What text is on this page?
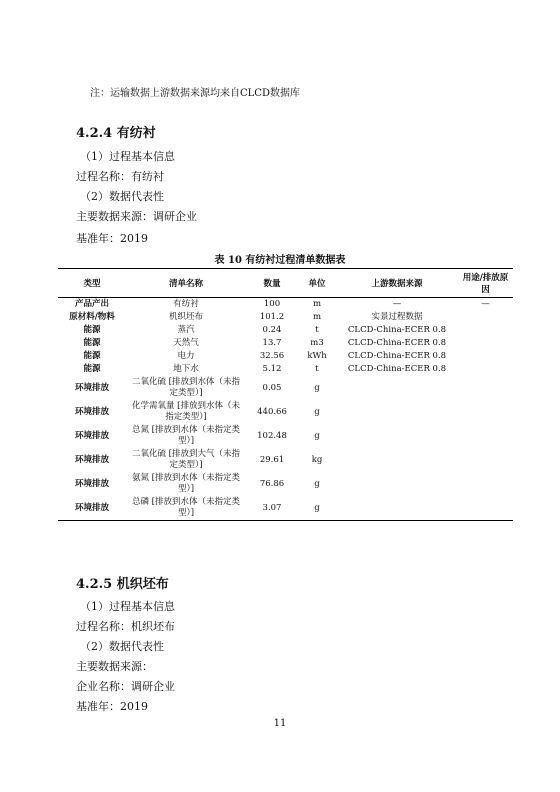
注：运输数据上游数据来源均来自CLCD数据库
4.2.4 有纺衬
（1）过程基本信息
过程名称：有纺衬
（2）数据代表性
主要数据来源：调研企业
基准年：2019
表 10 有纺衬过程清单数据表
类型	清单名称	数量	单位	上游数据来源	用途/排放原因
产品产出	有纺衬	100	m	—	—
原材料/物料	机织坯布	101.2	m	实景过程数据	
能源	蒸汽	0.24	t	CLCD-China-ECER 0.8	
能源	天然气	13.7	m3	CLCD-China-ECER 0.8	
能源	电力	32.56	kWh	CLCD-China-ECER 0.8	
能源	地下水	5.12	t	CLCD-China-ECER 0.8	
环境排放	二氧化硫 [排放到水体（未指定类型）]	0.05	g		
环境排放	化学需氧量 [排放到水体（未指定类型）]	440.66	g		
环境排放	总氮 [排放到水体（未指定类型）]	102.48	g		
环境排放	二氧化硫 [排放到大气（未指定类型）]	29.61	kg		
环境排放	氨氮 [排放到水体（未指定类型）]	76.86	g		
环境排放	总磷 [排放到水体（未指定类型）]	3.07	g		
4.2.5 机织坯布
（1）过程基本信息
过程名称：机织坯布
（2）数据代表性
主要数据来源：
企业名称：调研企业
基准年：2019
11
